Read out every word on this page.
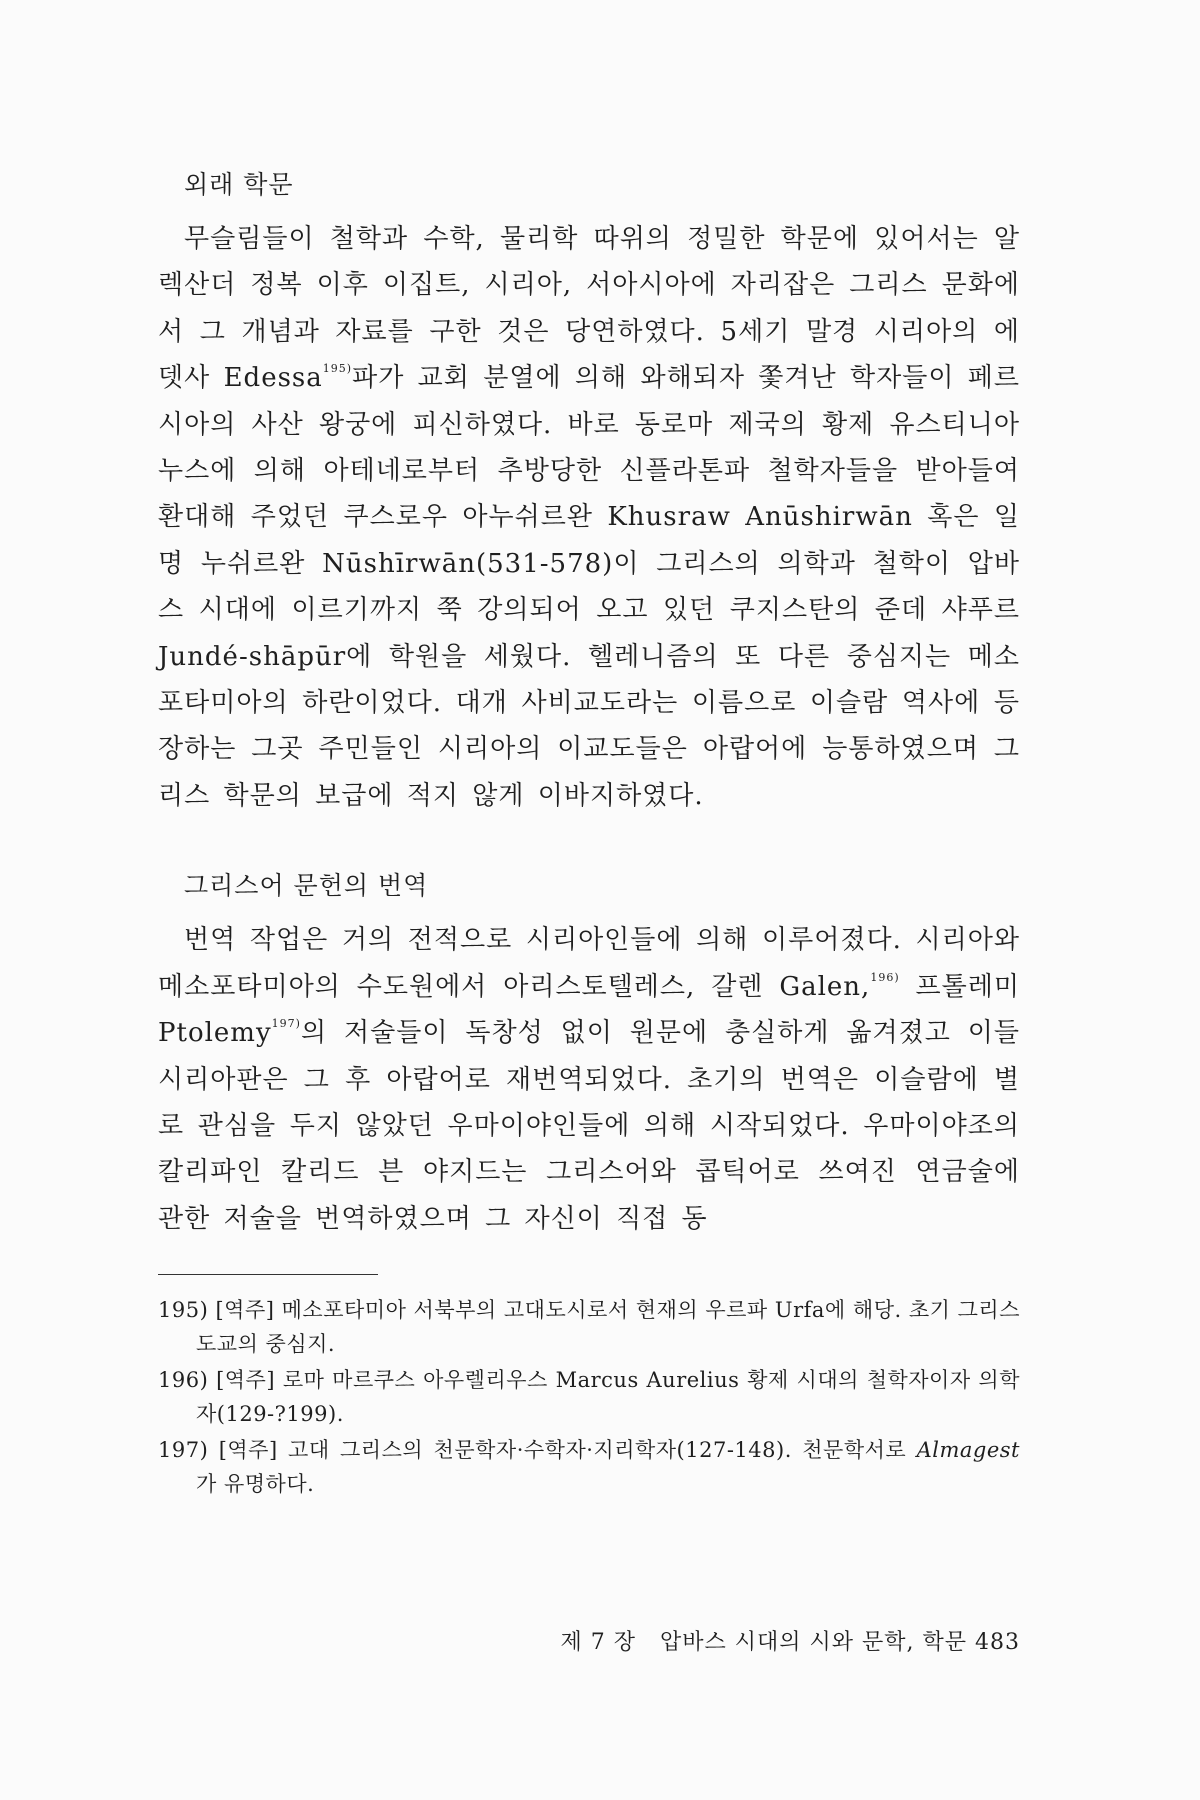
외래 학문

무슬림들이 철학과 수학, 물리학 따위의 정밀한 학문에 있어서는 알렉산더 정복 이후 이집트, 시리아, 서아시아에 자리잡은 그리스 문화에서 그 개념과 자료를 구한 것은 당연하였다. 5세기 말경 시리아의 에뎃사 Edessa$^{195)}$파가 교회 분열에 의해 와해되자 쫓겨난 학자들이 페르시아의 사산 왕궁에 피신하였다. 바로 동로마 제국의 황제 유스티니아누스에 의해 아테네로부터 추방당한 신플라톤파 철학자들을 받아들여 환대해 주었던 쿠스로우 아누쉬르완 Khusraw Anūshirwān 혹은 일명 누쉬르완 Nūshīrwān(531-578)이 그리스의 의학과 철학이 압바스 시대에 이르기까지 쭉 강의되어 오고 있던 쿠지스탄의 준데 샤푸르 Jundé-shāpūr에 학원을 세웠다. 헬레니즘의 또 다른 중심지는 메소포타미아의 하란이었다. 대개 사비교도라는 이름으로 이슬람 역사에 등장하는 그곳 주민들인 시리아의 이교도들은 아랍어에 능통하였으며 그리스 학문의 보급에 적지 않게 이바지하였다.

그리스어 문헌의 번역

번역 작업은 거의 전적으로 시리아인들에 의해 이루어졌다. 시리아와 메소포타미아의 수도원에서 아리스토텔레스, 갈렌 Galen,$^{196)}$ 프톨레미 Ptolemy$^{197)}$의 저술들이 독창성 없이 원문에 충실하게 옮겨졌고 이들 시리아판은 그 후 아랍어로 재번역되었다. 초기의 번역은 이슬람에 별로 관심을 두지 않았던 우마이야인들에 의해 시작되었다. 우마이야조의 칼리파인 칼리드 븐 야지드는 그리스어와 콥틱어로 쓰여진 연금술에 관한 저술을 번역하였으며 그 자신이 직접 동

195) [역주] 메소포타미아 서북부의 고대도시로서 현재의 우르파 Urfa에 해당. 초기 그리스도교의 중심지.

196) [역주] 로마 마르쿠스 아우렐리우스 Marcus Aurelius 황제 시대의 철학자이자 의학자(129-?199).

197) [역주] 고대 그리스의 천문학자·수학자·지리학자(127-148). 천문학서로 Almagest가 유명하다.

제 7 장 압바스 시대의 시와 문학, 학문 483
